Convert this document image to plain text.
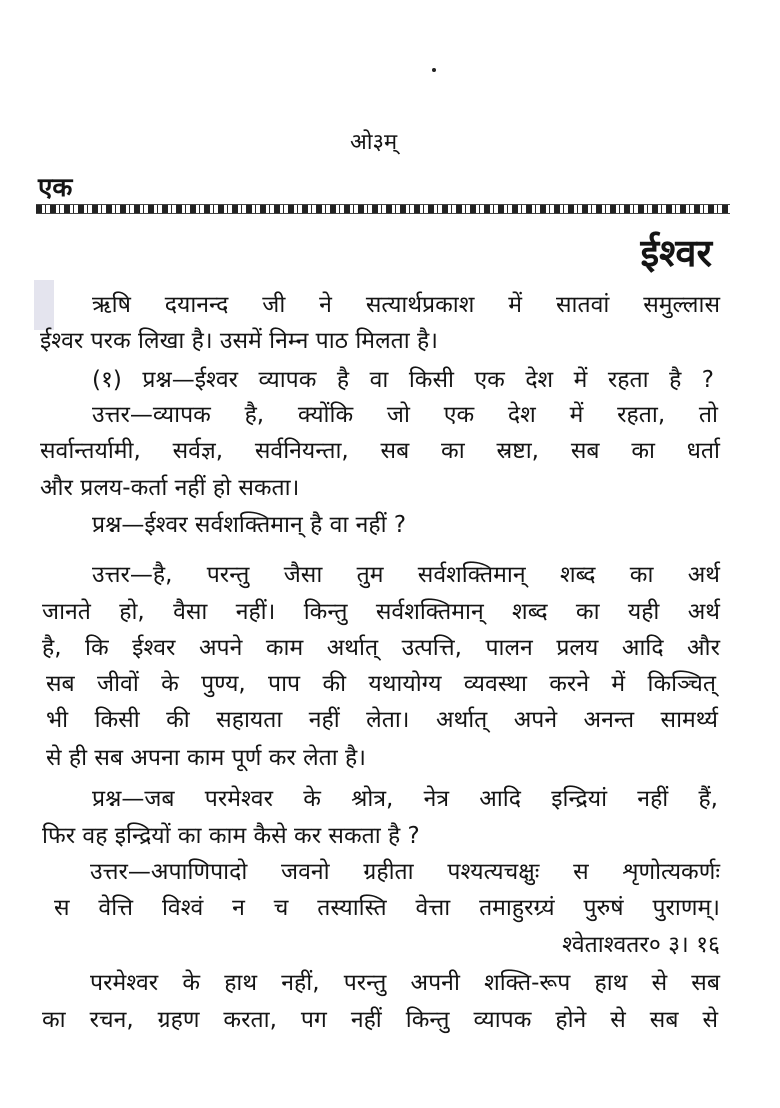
ओ३म्
एक
ईश्वर
ऋषि दयानन्द जी ने सत्यार्थप्रकाश में सातवां समुल्लास
ईश्वर परक लिखा है। उसमें निम्न पाठ मिलता है।
(१) प्रश्न—ईश्वर व्यापक है वा किसी एक देश में रहता है ?
उत्तर—व्यापक है, क्योंकि जो एक देश में रहता, तो
सर्वान्तर्यामी, सर्वज्ञ, सर्वनियन्ता, सब का स्रष्टा, सब का धर्ता
और प्रलय-कर्ता नहीं हो सकता।
प्रश्न—ईश्वर सर्वशक्तिमान् है वा नहीं ?
उत्तर—है, परन्तु जैसा तुम सर्वशक्तिमान् शब्द का अर्थ
जानते हो, वैसा नहीं। किन्तु सर्वशक्तिमान् शब्द का यही अर्थ
है, कि ईश्वर अपने काम अर्थात् उत्पत्ति, पालन प्रलय आदि और
सब जीवों के पुण्य, पाप की यथायोग्य व्यवस्था करने में किञ्चित्
भी किसी की सहायता नहीं लेता। अर्थात् अपने अनन्त सामर्थ्य
से ही सब अपना काम पूर्ण कर लेता है।
प्रश्न—जब परमेश्वर के श्रोत्र, नेत्र आदि इन्द्रियां नहीं हैं,
फिर वह इन्द्रियों का काम कैसे कर सकता है ?
उत्तर—अपाणिपादो जवनो ग्रहीता पश्यत्यचक्षुः स शृणोत्यकर्णः
स वेत्ति विश्वं न च तस्यास्ति वेत्ता तमाहुरग्र्यं पुरुषं पुराणम्।
श्वेताश्वतर० ३। १६
परमेश्वर के हाथ नहीं, परन्तु अपनी शक्ति-रूप हाथ से सब
का रचन, ग्रहण करता, पग नहीं किन्तु व्यापक होने से सब से
